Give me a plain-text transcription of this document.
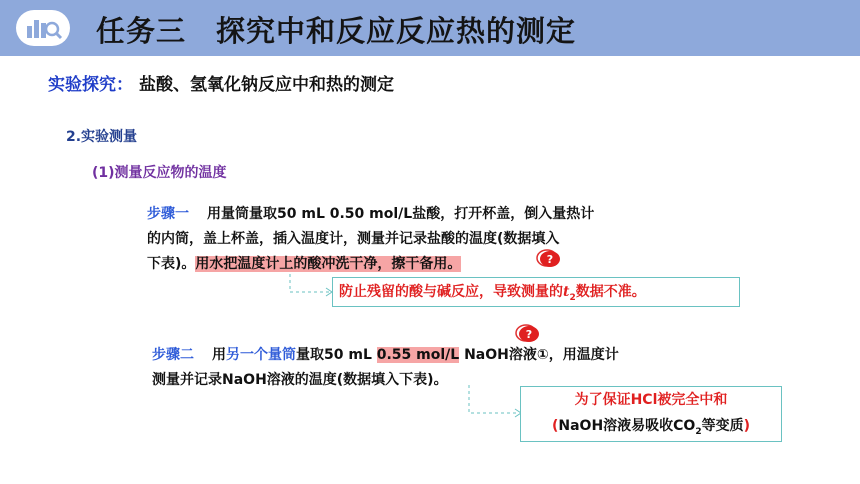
任务三　探究中和反应反应热的测定
实验探究： 盐酸、氢氧化钠反应中和热的测定
2.实验测量
(1)测量反应物的温度
步骤一 用量筒量取50 mL 0.50 mol/L盐酸，打开杯盖，倒入量热计
的内筒，盖上杯盖，插入温度计，测量并记录盐酸的温度(数据填入
下表)。用水把温度计上的酸冲洗干净，擦干备用。	?
防止残留的酸与碱反应，导致测量的$t_2$数据不准。
?
步骤二 用另一个量筒量取50 mL 0.55 mol/L NaOH溶液①，用温度计
测量并记录NaOH溶液的温度(数据填入下表)。
为了保证HCl被完全中和
(NaOH溶液易吸收$CO_2$等变质)
